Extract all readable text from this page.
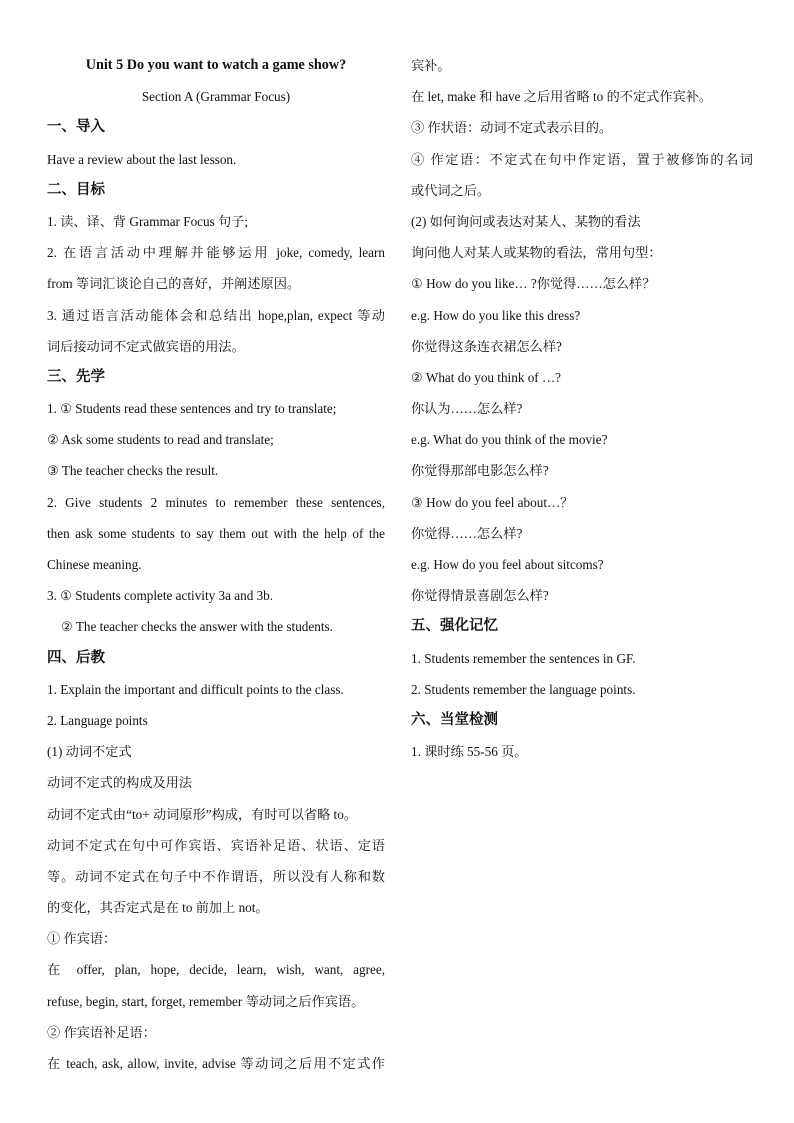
Unit 5 Do you want to watch a game show?
Section A (Grammar Focus)
一、导入
Have a review about the last lesson.
二、目标
1. 读、译、背 Grammar Focus 句子;
2. 在语言活动中理解并能够运用 joke, comedy, learn
from 等词汇谈论自己的喜好，并阐述原因。
3. 通过语言活动能体会和总结出 hope,plan, expect 等动
词后接动词不定式做宾语的用法。
三、先学
1. ① Students read these sentences and try to translate;
② Ask some students to read and translate;
③ The teacher checks the result.
2. Give students 2 minutes to remember these sentences,
then ask some students to say them out with the help of the
Chinese meaning.
3. ① Students complete activity 3a and 3b.
② The teacher checks the answer with the students.
四、后教
1. Explain the important and difficult points to the class.
2. Language points
(1) 动词不定式
动词不定式的构成及用法
动词不定式由“to+ 动词原形”构成，有时可以省略 to。
动词不定式在句中可作宾语、宾语补足语、状语、定语
等。动词不定式在句子中不作谓语，所以没有人称和数
的变化，其否定式是在 to 前加上 not。
① 作宾语：
在 offer, plan, hope, decide, learn, wish, want, agree,
refuse, begin, start, forget, remember 等动词之后作宾语。
② 作宾语补足语：
在 teach, ask, allow, invite, advise 等动词之后用不定式作
宾补。
在 let, make 和 have 之后用省略 to 的不定式作宾补。
③ 作状语：动词不定式表示目的。
④ 作定语：不定式在句中作定语，置于被修饰的名词
或代词之后。
(2) 如何询问或表达对某人、某物的看法
询问他人对某人或某物的看法，常用句型：
① How do you like… ?你觉得……怎么样？
e.g. How do you like this dress?
你觉得这条连衣裙怎么样?
② What do you think of …?
你认为……怎么样?
e.g. What do you think of the movie?
你觉得那部电影怎么样?
③ How do you feel about…？
你觉得……怎么样?
e.g. How do you feel about sitcoms?
你觉得情景喜剧怎么样?
五、强化记忆
1. Students remember the sentences in GF.
2. Students remember the language points.
六、当堂检测
1. 课时练 55-56 页。
